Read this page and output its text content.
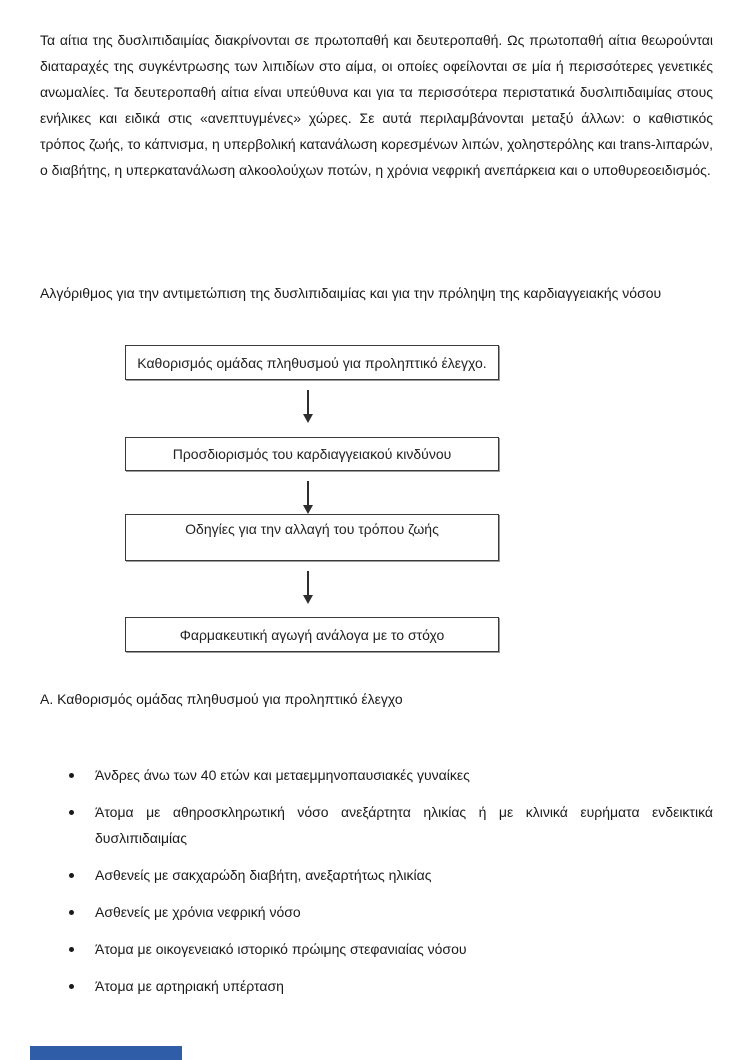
Τα αίτια της δυσλιπιδαιμίας διακρίνονται σε πρωτοπαθή και δευτεροπαθή. Ως πρωτοπαθή αίτια θεωρούνται διαταραχές της συγκέντρωσης των λιπιδίων στο αίμα, οι οποίες οφείλονται σε μία ή περισσότερες γενετικές ανωμαλίες. Τα δευτεροπαθή αίτια είναι υπεύθυνα και για τα περισσότερα περιστατικά δυσλιπιδαιμίας στους ενήλικες και ειδικά στις «ανεπτυγμένες» χώρες. Σε αυτά περιλαμβάνονται μεταξύ άλλων: ο καθιστικός τρόπος ζωής, το κάπνισμα, η υπερβολική κατανάλωση κορεσμένων λιπών, χοληστερόλης και trans-λιπαρών, ο διαβήτης, η υπερκατανάλωση αλκοολούχων ποτών, η χρόνια νεφρική ανεπάρκεια και ο υποθυρεοειδισμός.

Αλγόριθμος για την αντιμετώπιση της δυσλιπιδαιμίας και για την πρόληψη της καρδιαγγειακής νόσου

Καθορισμός ομάδας πληθυσμού για προληπτικό έλεγχο.
Προσδιορισμός του καρδιαγγειακού κινδύνου
Οδηγίες για την αλλαγή του τρόπου ζωής
Φαρμακευτική αγωγή ανάλογα με το στόχο

Α. Καθορισμός ομάδας πληθυσμού για προληπτικό έλεγχο

Άνδρες άνω των 40 ετών και μεταεμμηνοπαυσιακές γυναίκες
Άτομα με αθηροσκληρωτική νόσο ανεξάρτητα ηλικίας ή με κλινικά ευρήματα ενδεικτικά δυσλιπιδαιμίας
Ασθενείς με σακχαρώδη διαβήτη, ανεξαρτήτως ηλικίας
Ασθενείς με χρόνια νεφρική νόσο
Άτομα με οικογενειακό ιστορικό πρώιμης στεφανιαίας νόσου
Άτομα με αρτηριακή υπέρταση
